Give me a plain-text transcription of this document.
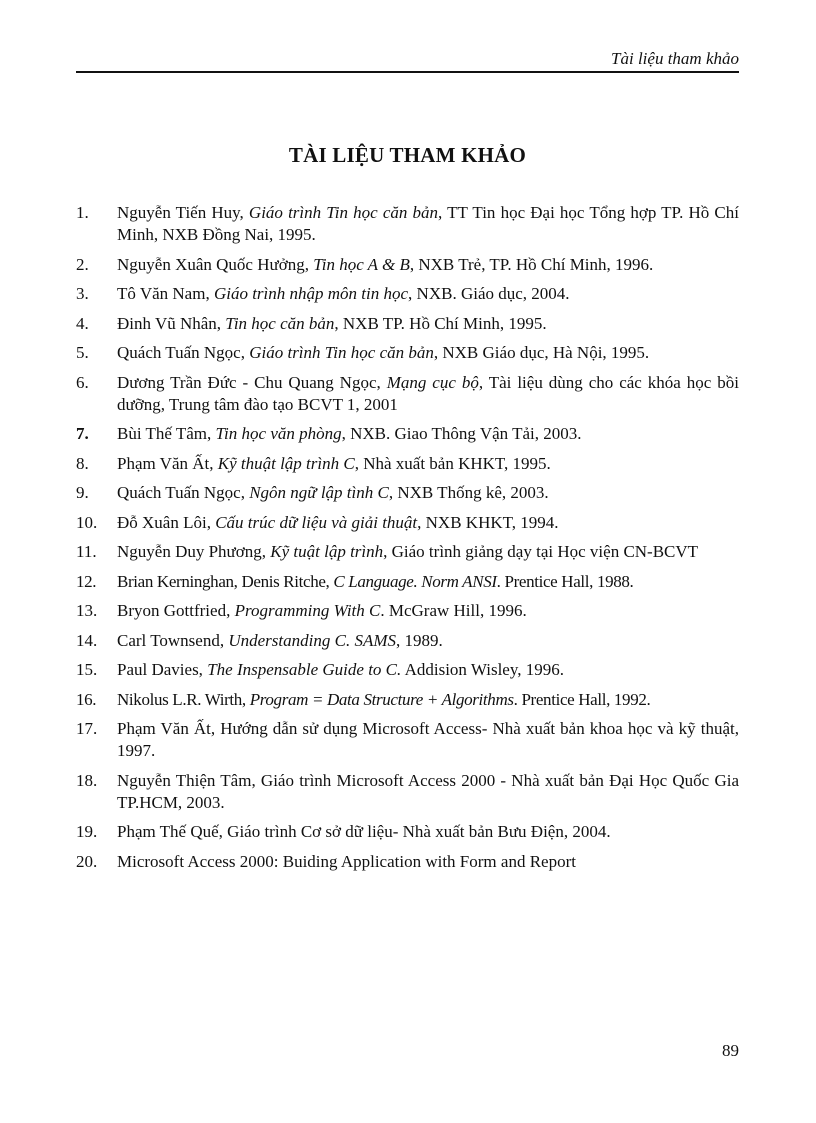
Tài liệu tham khảo
TÀI LIỆU THAM KHẢO
1.	Nguyễn Tiến Huy, Giáo trình Tin học căn bản, TT Tin học Đại học Tổng hợp TP. Hồ Chí Minh, NXB Đồng Nai, 1995.
2.	Nguyễn Xuân Quốc Hưởng, Tin học A & B, NXB Trẻ, TP. Hồ Chí Minh, 1996.
3.	Tô Văn Nam, Giáo trình nhập môn tin học, NXB. Giáo dục, 2004.
4.	Đinh Vũ Nhân, Tin học căn bản, NXB TP. Hồ Chí Minh, 1995.
5.	Quách Tuấn Ngọc, Giáo trình Tin học căn bản, NXB Giáo dục, Hà Nội, 1995.
6.	Dương Trần Đức - Chu Quang Ngọc, Mạng cục bộ, Tài liệu dùng cho các khóa học bồi dưỡng, Trung tâm đào tạo BCVT 1, 2001
7.	Bùi Thế Tâm, Tin học văn phòng, NXB. Giao Thông Vận Tải, 2003.
8.	Phạm Văn Ất, Kỹ thuật lập trình C, Nhà xuất bản KHKT, 1995.
9.	Quách Tuấn Ngọc, Ngôn ngữ lập tình C, NXB Thống kê, 2003.
10.	Đỗ Xuân Lôi, Cấu trúc dữ liệu và giải thuật, NXB KHKT, 1994.
11.	Nguyễn Duy Phương, Kỹ tuật lập trình, Giáo trình giảng dạy tại Học viện CN-BCVT
12.	Brian Kerninghan, Denis Ritche, C Language. Norm ANSI. Prentice Hall, 1988.
13.	Bryon Gottfried, Programming With C. McGraw Hill, 1996.
14.	Carl Townsend, Understanding C. SAMS, 1989.
15.	Paul Davies, The Inspensable Guide to C. Addision Wisley, 1996.
16.	Nikolus L.R. Wirth, Program = Data Structure + Algorithms. Prentice Hall, 1992.
17.	Phạm Văn Ất, Hướng dẫn sử dụng Microsoft Access- Nhà xuất bản khoa học và kỹ thuật, 1997.
18.	Nguyễn Thiện Tâm, Giáo trình Microsoft Access 2000 - Nhà xuất bản Đại Học Quốc Gia TP.HCM, 2003.
19.	Phạm Thế Quế, Giáo trình Cơ sở dữ liệu- Nhà xuất bản Bưu Điện, 2004.
20.	Microsoft Access 2000: Buiding Application with Form and Report
89
